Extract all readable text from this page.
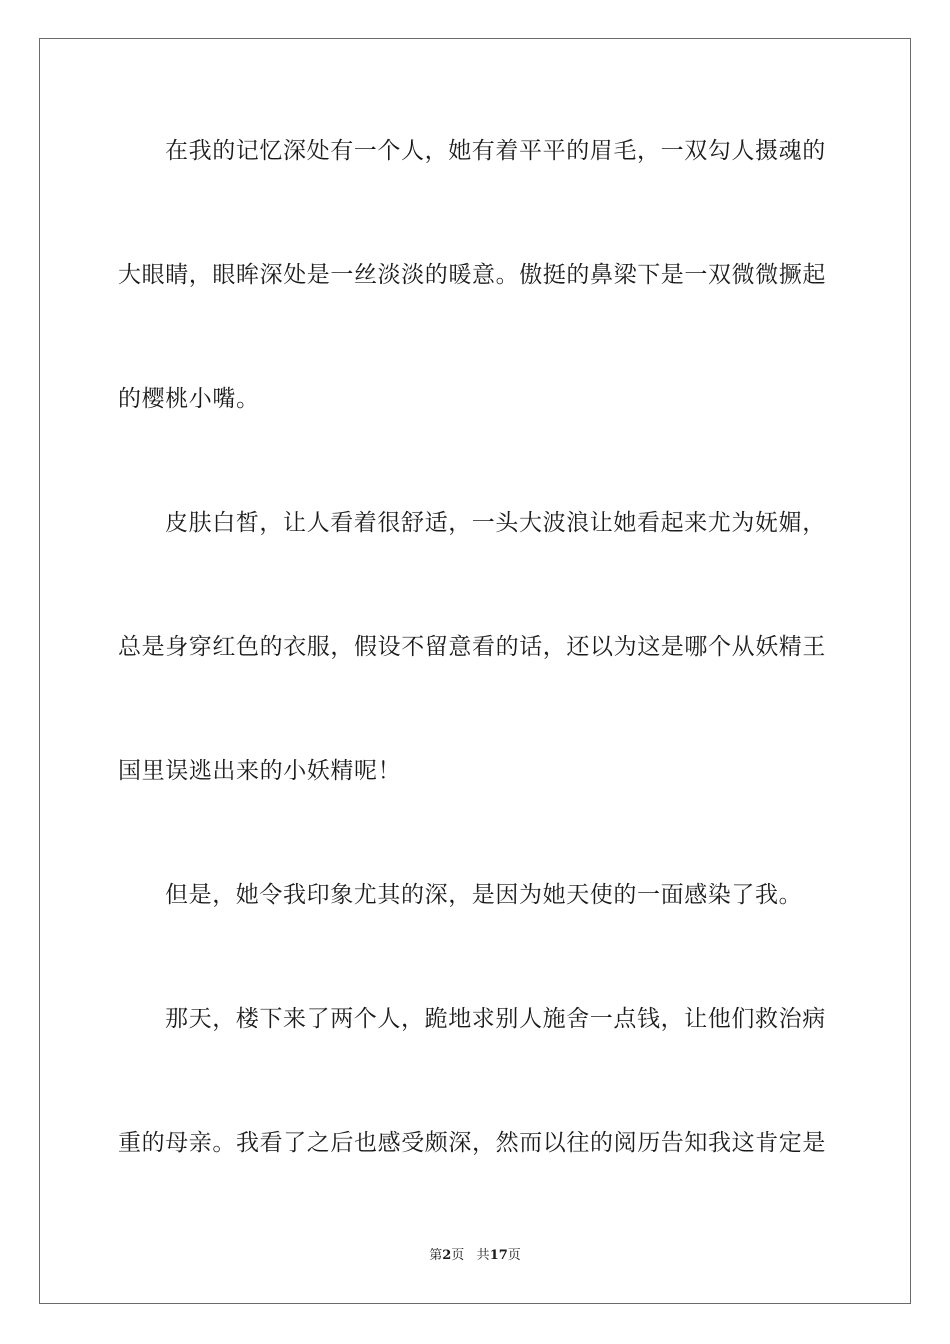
在我的记忆深处有一个人，她有着平平的眉毛，一双勾人摄魂的
大眼睛，眼眸深处是一丝淡淡的暖意。傲挺的鼻梁下是一双微微撅起
的樱桃小嘴。
皮肤白皙，让人看着很舒适，一头大波浪让她看起来尤为妩媚，
总是身穿红色的衣服，假设不留意看的话，还以为这是哪个从妖精王
国里误逃出来的小妖精呢！
但是，她令我印象尤其的深，是因为她天使的一面感染了我。
那天，楼下来了两个人，跪地求别人施舍一点钱，让他们救治病
重的母亲。我看了之后也感受颇深，然而以往的阅历告知我这肯定是
第2页 共17页
